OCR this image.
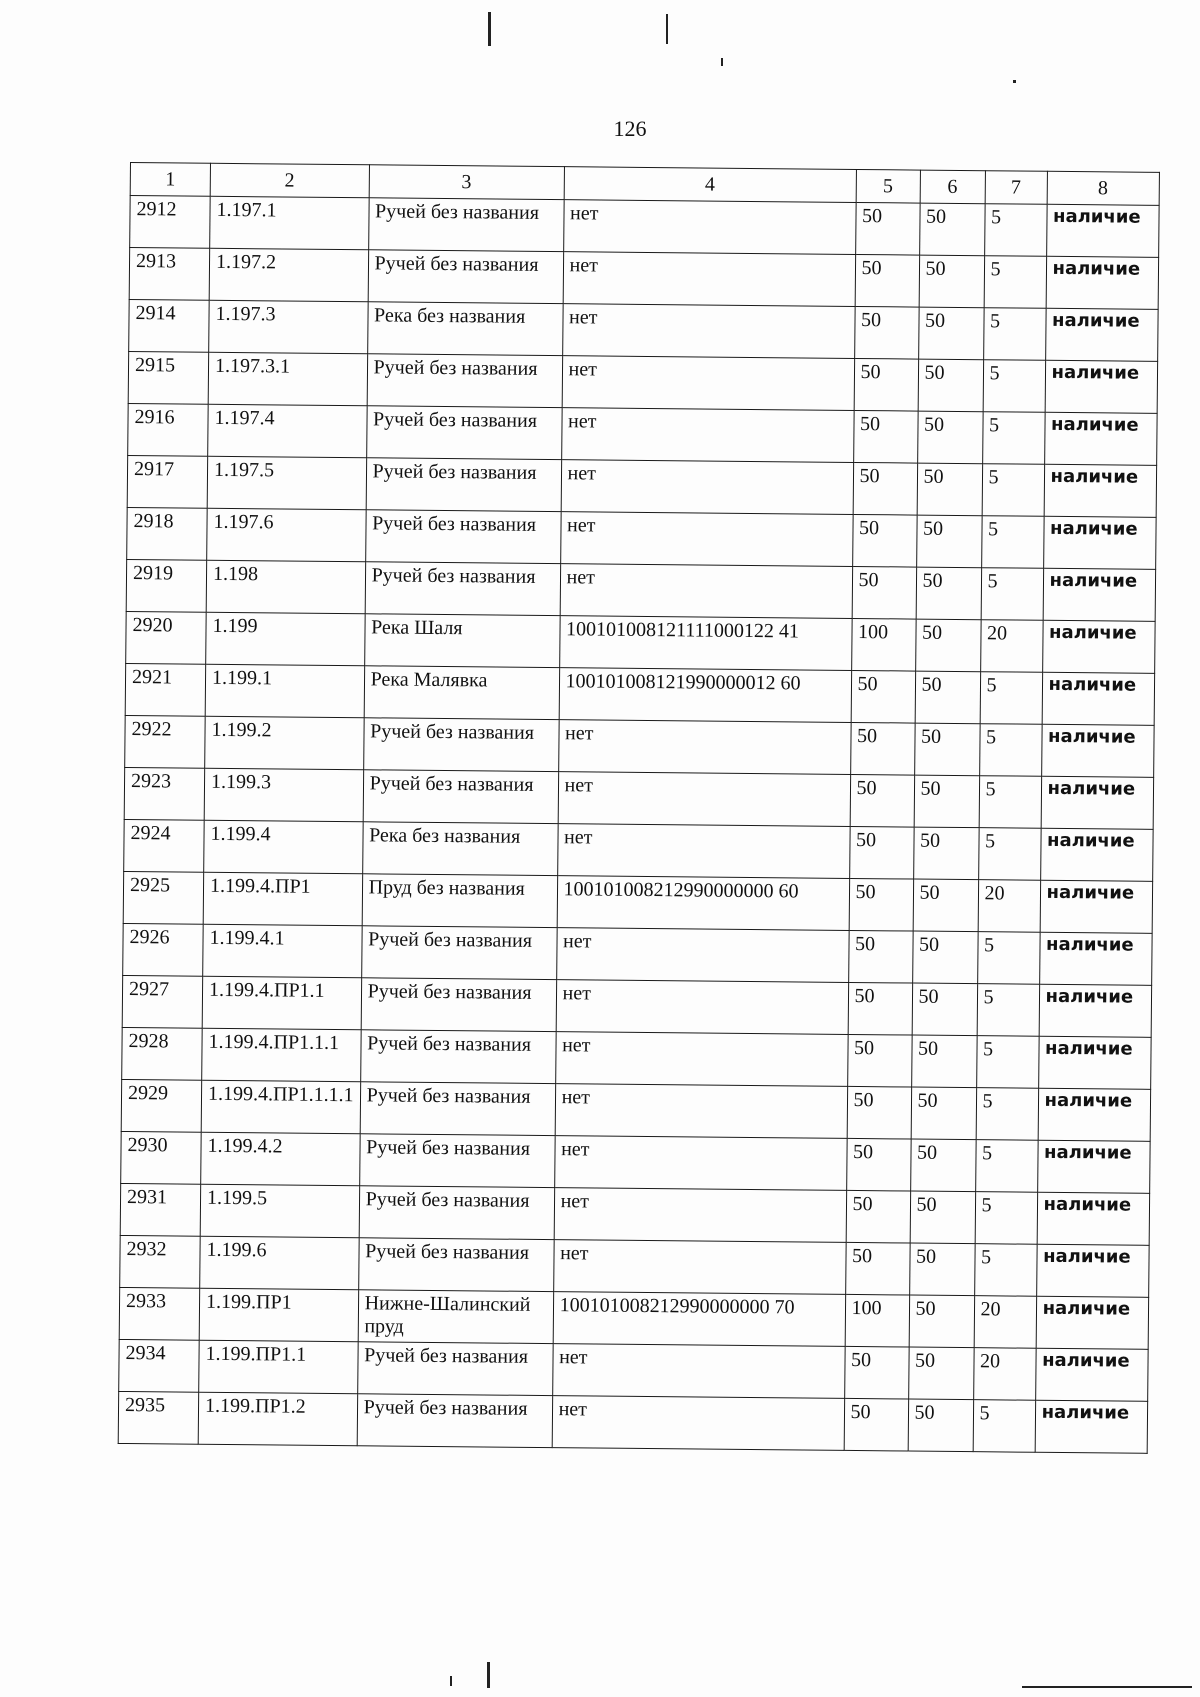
126
1	2	3	4	5	6	7	8
2912	1.197.1	Ручей без названия	нет	50	50	5	наличие
2913	1.197.2	Ручей без названия	нет	50	50	5	наличие
2914	1.197.3	Река без названия	нет	50	50	5	наличие
2915	1.197.3.1	Ручей без названия	нет	50	50	5	наличие
2916	1.197.4	Ручей без названия	нет	50	50	5	наличие
2917	1.197.5	Ручей без названия	нет	50	50	5	наличие
2918	1.197.6	Ручей без названия	нет	50	50	5	наличие
2919	1.198	Ручей без названия	нет	50	50	5	наличие
2920	1.199	Река Шаля	100101008121111000122 41	100	50	20	наличие
2921	1.199.1	Река Малявка	100101008121990000012 60	50	50	5	наличие
2922	1.199.2	Ручей без названия	нет	50	50	5	наличие
2923	1.199.3	Ручей без названия	нет	50	50	5	наличие
2924	1.199.4	Река без названия	нет	50	50	5	наличие
2925	1.199.4.ПР1	Пруд без названия	100101008212990000000 60	50	50	20	наличие
2926	1.199.4.1	Ручей без названия	нет	50	50	5	наличие
2927	1.199.4.ПР1.1	Ручей без названия	нет	50	50	5	наличие
2928	1.199.4.ПР1.1.1	Ручей без названия	нет	50	50	5	наличие
2929	1.199.4.ПР1.1.1.1	Ручей без названия	нет	50	50	5	наличие
2930	1.199.4.2	Ручей без названия	нет	50	50	5	наличие
2931	1.199.5	Ручей без названия	нет	50	50	5	наличие
2932	1.199.6	Ручей без названия	нет	50	50	5	наличие
2933	1.199.ПР1	Нижне-Шалинский пруд	100101008212990000000 70	100	50	20	наличие
2934	1.199.ПР1.1	Ручей без названия	нет	50	50	20	наличие
2935	1.199.ПР1.2	Ручей без названия	нет	50	50	5	наличие
